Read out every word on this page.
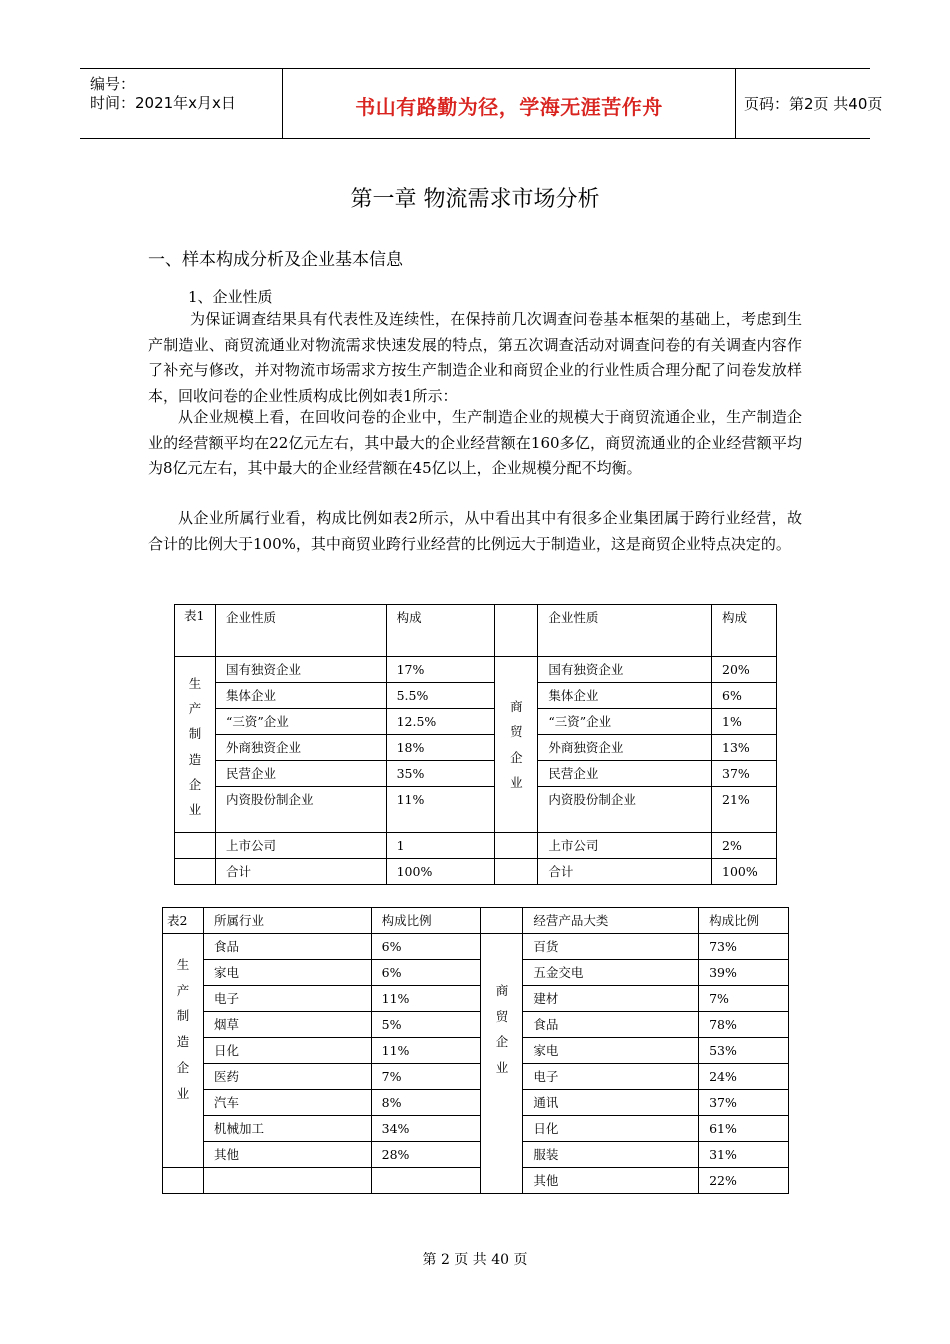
编号：
时间：2021年x月x日	书山有路勤为径，学海无涯苦作舟	页码：第2页 共40页
第一章 物流需求市场分析
一、样本构成分析及企业基本信息
1、企业性质

为保证调查结果具有代表性及连续性，在保持前几次调查问卷基本框架的基础上，考虑到生产制造业、商贸流通业对物流需求快速发展的特点，第五次调查活动对调查问卷的有关调查内容作了补充与修改，并对物流市场需求方按生产制造企业和商贸企业的行业性质合理分配了问卷发放样本，回收问卷的企业性质构成比例如表1所示：

从企业规模上看，在回收问卷的企业中，生产制造企业的规模大于商贸流通企业，生产制造企业的经营额平均在22亿元左右，其中最大的企业经营额在160多亿，商贸流通业的企业经营额平均为8亿元左右，其中最大的企业经营额在45亿以上，企业规模分配不均衡。

从企业所属行业看，构成比例如表2所示，从中看出其中有很多企业集团属于跨行业经营，故合计的比例大于100%，其中商贸业跨行业经营的比例远大于制造业，这是商贸企业特点决定的。

表1	企业性质	构成		企业性质	构成

生产制造企业	国有独资企业	17%	商贸企业	国有独资企业	20%
	集体企业	5.5%		集体企业	6%
	“三资”企业	12.5%		“三资”企业	1%
	外商独资企业	18%		外商独资企业	13%
	民营企业	35%		民营企业	37%
	内资股份制企业	11%		内资股份制企业	21%
	上市公司	1		上市公司	2%
	合计	100%		合计	100%
表2	所属行业	构成比例		经营产品大类	构成比例

生产制造企业	食品	6%	商贸企业	百货	73%
	家电	6%		五金交电	39%
	电子	11%		建材	7%
	烟草	5%		食品	78%
	日化	11%		家电	53%
	医药	7%		电子	24%
	汽车	8%		通讯	37%
	机械加工	34%		日化	61%
	其他	28%		服装	31%
				其他	22%
第 2 页 共 40 页
